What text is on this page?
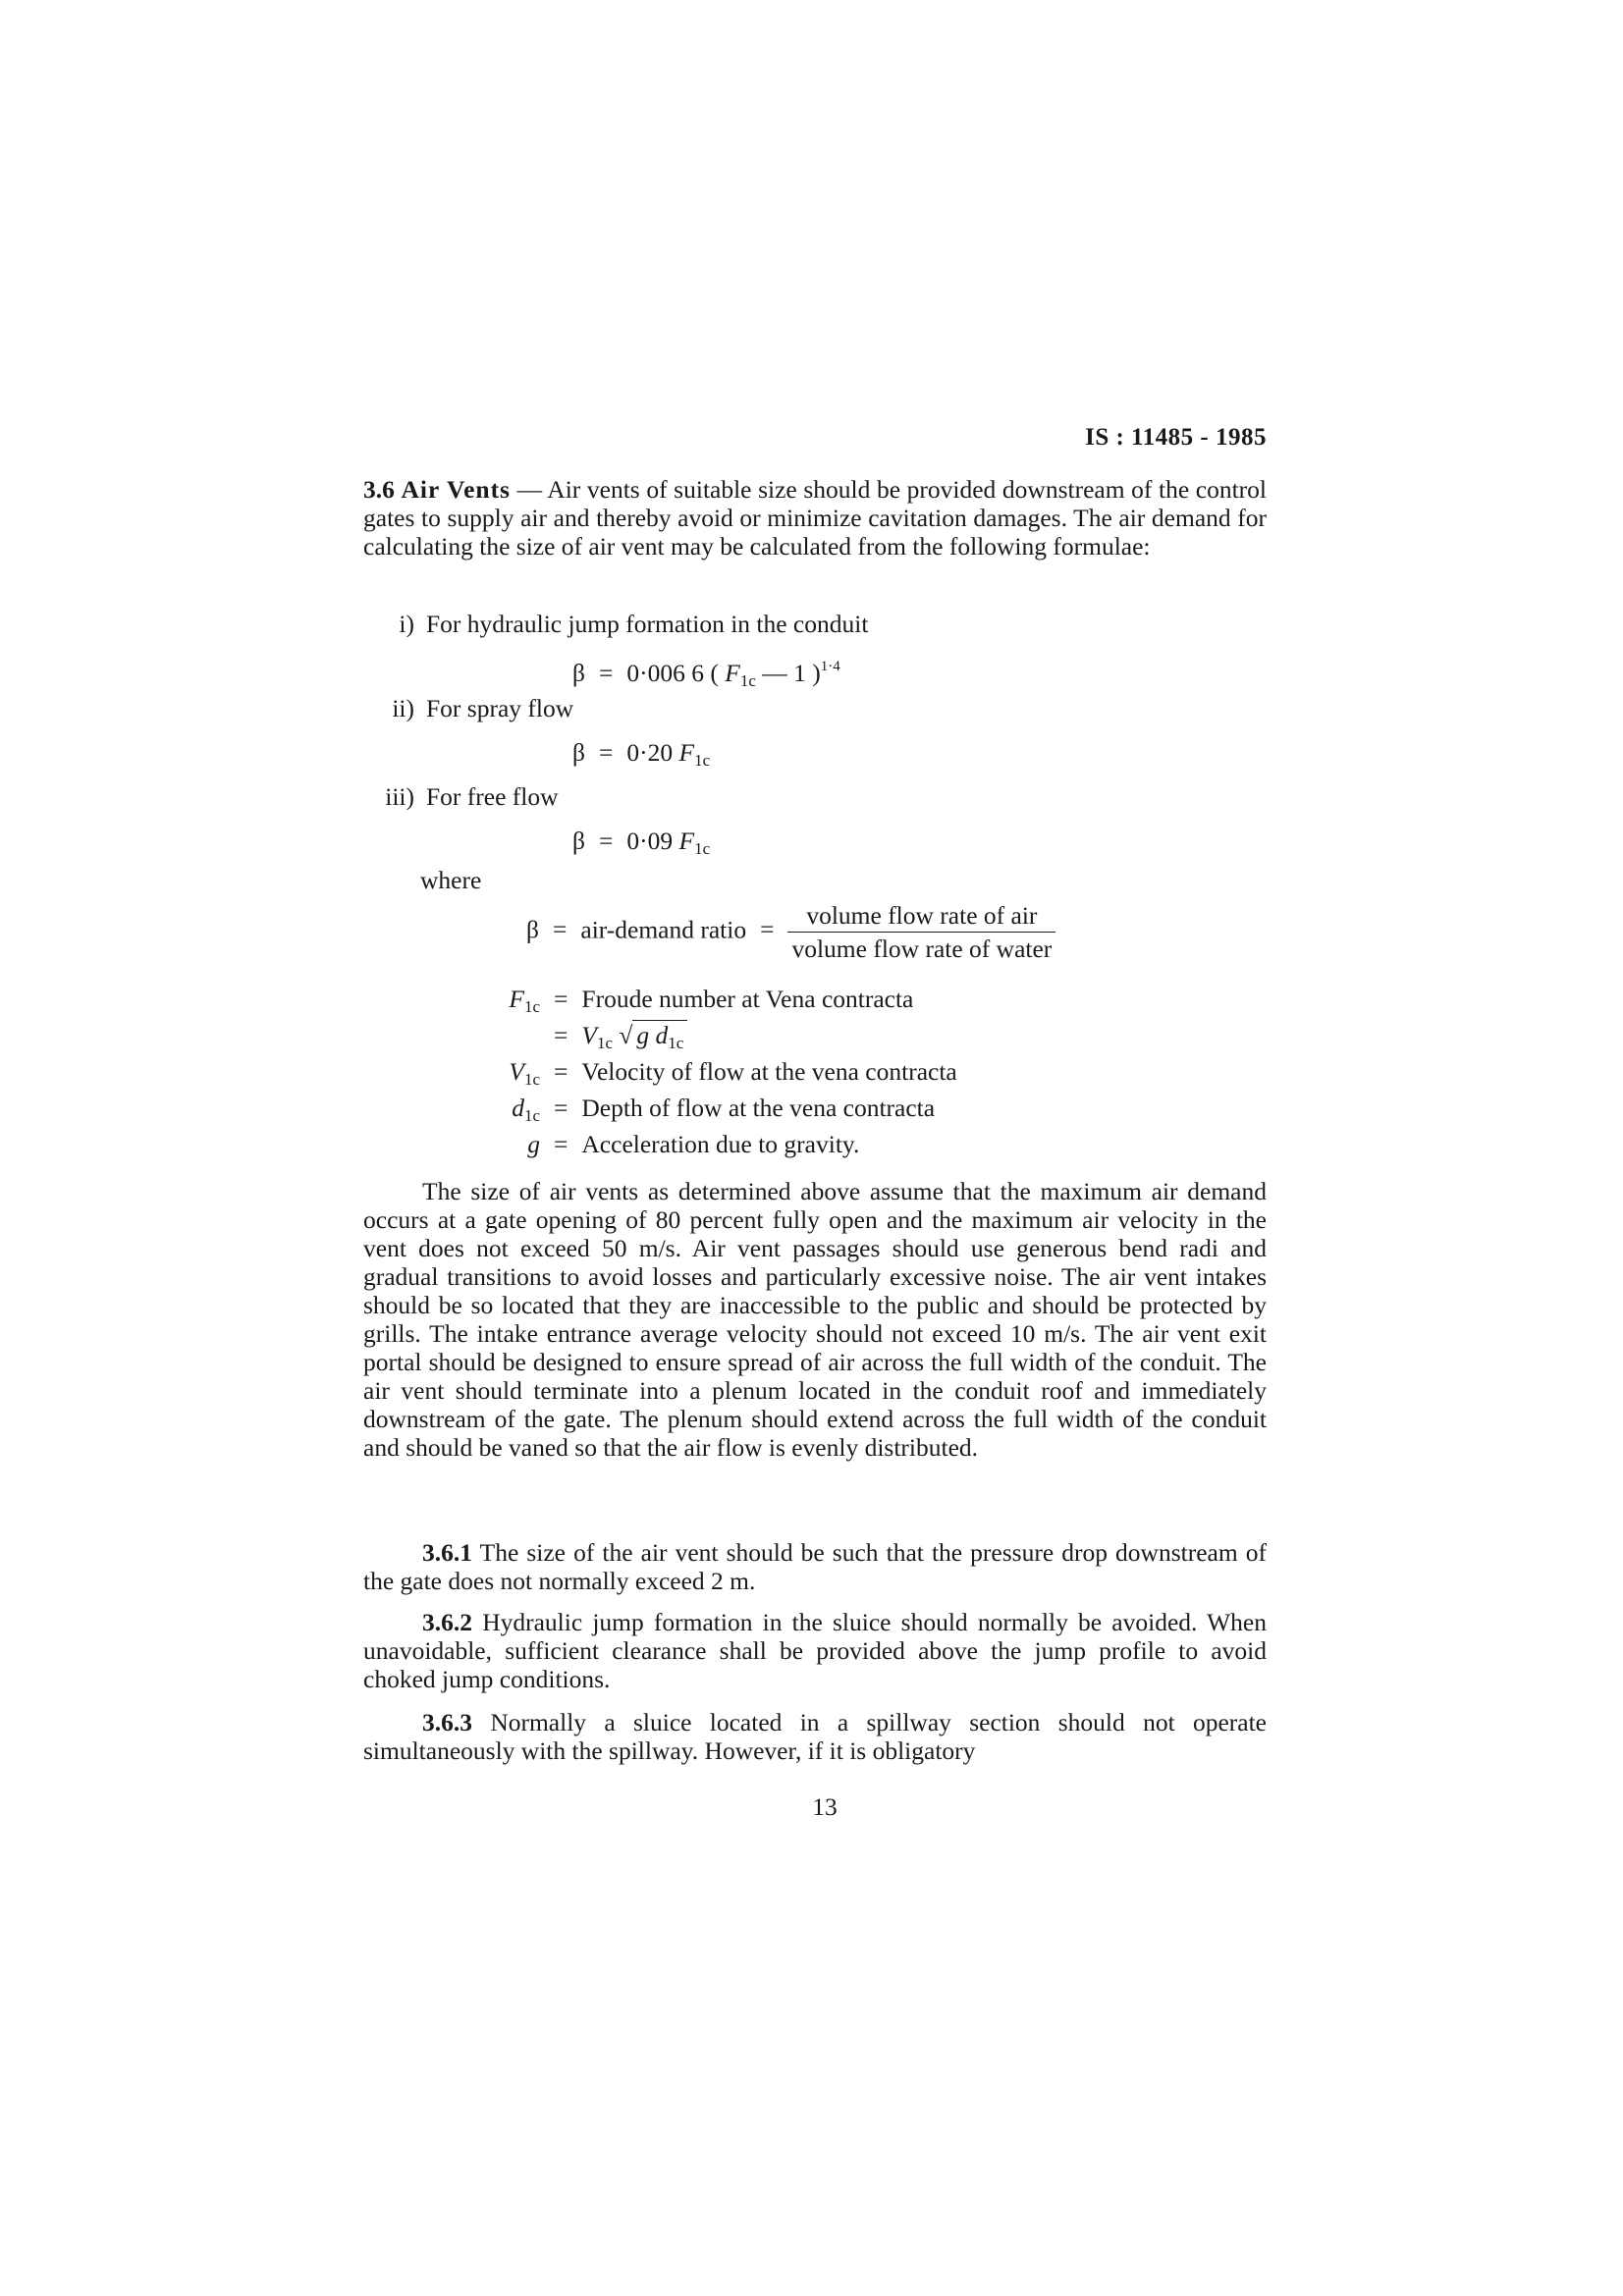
IS : 11485 - 1985
3.6 Air Vents — Air vents of suitable size should be provided downstream of the control gates to supply air and thereby avoid or minimize cavitation damages. The air demand for calculating the size of air vent may be calculated from the following formulae:
i) For hydraulic jump formation in the conduit
β = 0·006 6 ( $F_{1c}$ — 1 )$^{1\cdot 4}$
ii) For spray flow
β = 0·20 $F_{1c}$
iii) For free flow
β = 0·09 $F_{1c}$
where
β = air-demand ratio = $\frac{\text{volume flow rate of air}}{\text{volume flow rate of water}}$
$F_{1c}$ = Froude number at Vena contracta
= $V_{1c}$ √ g $d_{1c}$
$V_{1c}$ = Velocity of flow at the vena contracta
$d_{1c}$ = Depth of flow at the vena contracta
g = Acceleration due to gravity.
The size of air vents as determined above assume that the maximum air demand occurs at a gate opening of 80 percent fully open and the maximum air velocity in the vent does not exceed 50 m/s. Air vent passages should use generous bend radi and gradual transitions to avoid losses and particularly excessive noise. The air vent intakes should be so located that they are inaccessible to the public and should be protected by grills. The intake entrance average velocity should not exceed 10 m/s. The air vent exit portal should be designed to ensure spread of air across the full width of the conduit. The air vent should terminate into a plenum located in the conduit roof and immediately downstream of the gate. The plenum should extend across the full width of the conduit and should be vaned so that the air flow is evenly distributed.
3.6.1 The size of the air vent should be such that the pressure drop downstream of the gate does not normally exceed 2 m.
3.6.2 Hydraulic jump formation in the sluice should normally be avoided. When unavoidable, sufficient clearance shall be provided above the jump profile to avoid choked jump conditions.
3.6.3 Normally a sluice located in a spillway section should not operate simultaneously with the spillway. However, if it is obligatory
13
